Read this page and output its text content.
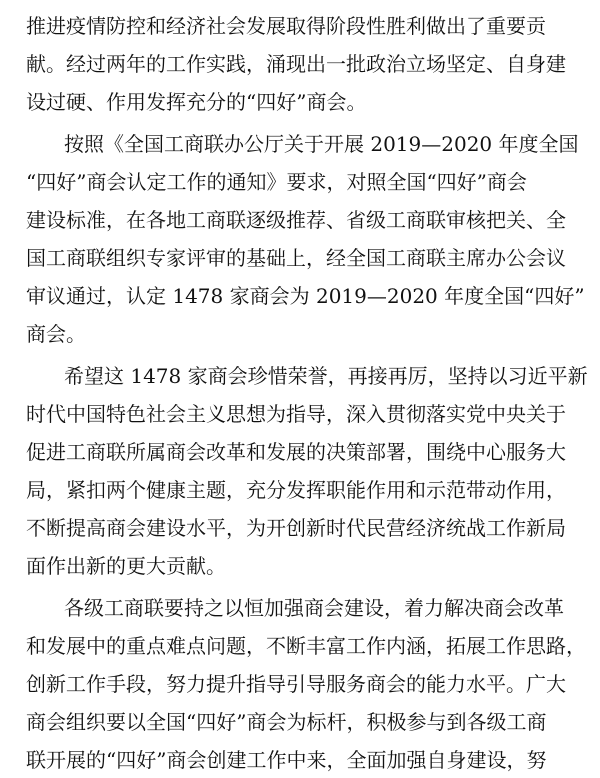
推进疫情防控和经济社会发展取得阶段性胜利做出了重要贡
献。经过两年的工作实践，涌现出一批政治立场坚定、自身建
设过硬、作用发挥充分的“四好”商会。
按照《全国工商联办公厅关于开展 2019—2020 年度全国
“四好”商会认定工作的通知》要求，对照全国“四好”商会
建设标准，在各地工商联逐级推荐、省级工商联审核把关、全
国工商联组织专家评审的基础上，经全国工商联主席办公会议
审议通过，认定 1478 家商会为 2019—2020 年度全国“四好”
商会。
希望这 1478 家商会珍惜荣誉，再接再厉，坚持以习近平新
时代中国特色社会主义思想为指导，深入贯彻落实党中央关于
促进工商联所属商会改革和发展的决策部署，围绕中心服务大
局，紧扣两个健康主题，充分发挥职能作用和示范带动作用，
不断提高商会建设水平，为开创新时代民营经济统战工作新局
面作出新的更大贡献。
各级工商联要持之以恒加强商会建设，着力解决商会改革
和发展中的重点难点问题，不断丰富工作内涵，拓展工作思路，
创新工作手段，努力提升指导引导服务商会的能力水平。广大
商会组织要以全国“四好”商会为标杆，积极参与到各级工商
联开展的“四好”商会创建工作中来，全面加强自身建设，努
